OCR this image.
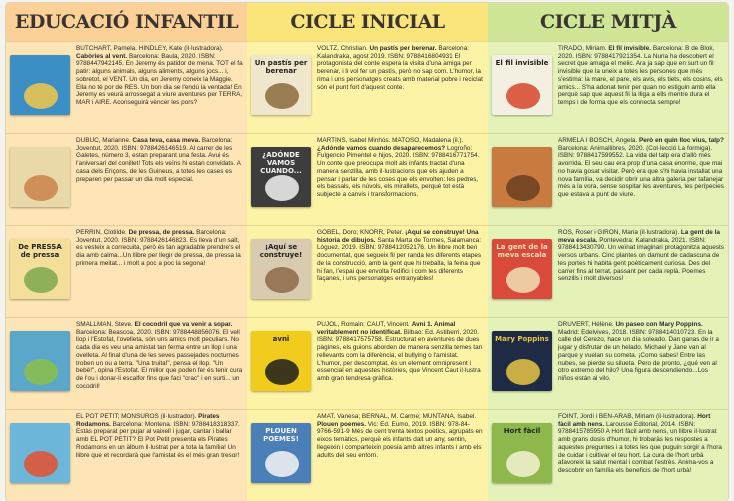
EDUCACIÓ INFANTIL
BUTCHART, Pamela. HINDLEY, Kate (il·lustradora). Cabòries al vent. Barcelona: Baula, 2020. ISBN: 9788447942145. En Jeremy és patidor de mena. TOT el fa patir: alguns animals, alguns aliments, alguns jocs... i, sobretot, el VENT. Un dia, en Jeremy coneix la Maggie. Ella no té por de RES. Un bon dia se l'endú la ventada! En Jeremy es veurà arrossegat a viure aventures per TERRA, MAR i AIRE. Aconseguirà vèncer les pors?
DUBUC, Marianne. Casa teva, casa meva. Barcelona: Joventut, 2020. ISBN: 9788426146519. Al carrer de les Galetes, número 3, estan preparant una festa. Avui és l'aniversari del conillet! Tots els veïns hi estan convidats. A casa dels Eriçons, de les Guineus, a totes les cases es preparen per passar un dia molt especial.
De PRESSA de pressa
PERRIN, Clotilde. De pressa, de pressa. Barcelona: Joventut, 2020. ISBN: 9788426146823. Es lleva d'un salt, es vesteix a correcuita, però és tan agradable prendre's el dia amb calma...Un llibre per llegir de pressa, de pressa la primera meitat... i molt a poc a poc la segona!
SMALLMAN, Steve. El cocodril que va venir a sopar. Barcelona: Beascoa, 2020. ISBN: 9788448856076. El vell llop i l'Estofat, l'ovelleta, són uns amics molt peculiars. No cada dia es veu una amistat tan ferma entre un llop i una ovelleta. Al final d'una de les seves passejades nocturnes troben un ou a terra. "Una truita!", pensa el llop. "Un bebè!", opina l'Estofat. El millor que poden fer és tenir cura de l'ou i donar-li escalfor fins que faci "crac" i en surti... un cocodril!
EL POT PETIT; MONSUROS (il·lustrador). Pirates Rodamons. Barcelona: Montena. ISBN: 9788418318337. Estàs preparat per pujar al vaixell i jugar, cantar i ballar amb EL POT PETIT? El Pot Petit presenta els Pirates Rodamons en un àlbum il·lustrat per a tota la família! Un llibre que et recordarà que l'amistat és el més gran tresor!
CICLE INICIAL
Un pastís per berenar
VOLTZ, Christian. Un pastís per berenar. Barcelona: Kalandraka, agost 2019. ISBN: 9788416804931 El protagonista del conte espera la visita d'una amiga per berenar, i li vol fer un pastís, però no sap com. L'humor, la rima i uns personatges creats amb material pobre i reciclat són el punt fort d'aquest conte.
¿ADÓNDE VAMOS CUANDO...
MARTINS, Isabel Minhós. MATOSO, Madalena (il.). ¿Adónde vamos cuando desaparecemos? Logroño: Fulgencio Pimentel e hijos, 2020. ISBN: 9788416771754. Un conte que preocupa molt als infants tractat d'una manera senzilla, amb il·lustracions que els ajuden a pensar i parlar de les coses que els envolten: les pedres, els bassals, els núvols, els mirallets, perquè tot està subjecte a canvis i transformacions.
¡Aquí se construye!
GÖBEL, Doro; KNORR, Peter. ¡Aquí se construye! Una historia de dibujos. Santa Marta de Tormes, Salamanca: Lóguez, 2019. ISBN: 9788412052176. Un llibre molt ben documentat, que segueix fil per randa les diferents etapes de la construcció, amb la gent que hi treballa, la feina que hi fan, l'espai que envolta l'edifici i com les diferents façanes, i uns personatges entranyables!
avni
PUJOL, Romain; CAUT, Vincent. Avni 1. Animal veritablement no identificat. Bilbao: Ed. Astiberri, 2020. ISBN: 9788417575758. Estructurat en aventures de dues pàgines, els guions aborden de manera senzilla temes tan rellevants com la diferència, el bullying o l'amistat. L'humor, per descomptat, és un element omnipresent i essencial en aquestes històries, que Vincent Caut il·lustra amb gran tendresa gràfica.
PLOUEN POEMES!
AMAT, Vanesa; BERNAL, M. Carme; MUNTAÑA, Isabel. Plouen poemes. Vic: Ed. Eumo, 2019. ISBN: 978-84-9766-591-9 Més de cent trenta textos poètics, agrupats en eixos temàtics, perquè els infants dalt un any, sentin, llegeixin i comparteixin poesia amb altres infants i amb els adults del seu entorn.
CICLE MITJÀ
El fil invisible
TIRADO, Miriam. El fil invisible. Barcelona: B de Blok, 2020. ISBN: 9788417921354. La Nuria ha descobert el secret que amaga el melic. Ara ja sap que en surt un fil invisible que la uneix a totes les persones que més s'estima: la mare, el pare, els avis, els tiets, els cosins, els amics... S'ha adonat tenir per quan no estiguin amb ella perquè sap que aquest fil la lliga a ells mentre dura el temps i de forma que els connecta sempre!
ARMELA I BOSCH, Àngela. Però en quin lloc vius, talp? Barcelona: Animallibres, 2020. (Col·lecció La formiga). ISBN: 9788417599552. La vida del talp era d'allò més avorrida. El seu cau era prop d'una casa enorme, que mai no havia gosat visitar. Però era que s'hi havia installat una nova família, va decidir obrir una altra galeria per tafanejar més a la vora, sense sospitar les aventures, les perípecies que estava a punt de viure.
La gent de la meva escala
ROS, Roser i GIRÓN, Maria (il·lustradora). La gent de la meva escala. Pontevedra: Kalandraka, 2021. ISBN: 9788413430790. Un veïnat imaginari protagonitza aquests versos urbans. Cinc plantes on damunt de cadascuna de les portes hi habita gent poèticament curiosa. Des del carrer fins al terrat, passant per cada replà. Poemes senzills i molt diversos!
Mary Poppins
DRUVERT, Hélène. Un paseo con Mary Poppins. Madrid: Edelvives, 2018. ISBN: 9788414010723. En la calle del Cerezo, hace un día soleado. Dan ganas de ir a jugar y disfrutar de un helado. Michael y Jane van al parque y vuelan su cometa. ¡Como sabes! Entre las nubes, se pierde su silueta. Pero de pronto, ¿qué ven al otro extremo del hilo? Una figura descendiendo...Los niños están al vilo.
Hort fàcil
FOINT, Jordi i BEN-ARAB, Miriam (il·lustradora). Hort fàcil amb nens. Larousse Editorial, 2014. ISBN: 9788415785950 A Hort fàcil amb nens, un llibre il·lustrat amb grans dosis d'humor, hi trobaràs les respostes a aquestes preguntes i a totes les que puguin sorgir a l'hora de cuidar i cultivar el teu hort. La cura de l'hort urbà afavoreix la salut mental i combat l'estrès. Anima-vos a descobrir en família els beneficis de l'hort urbà!
